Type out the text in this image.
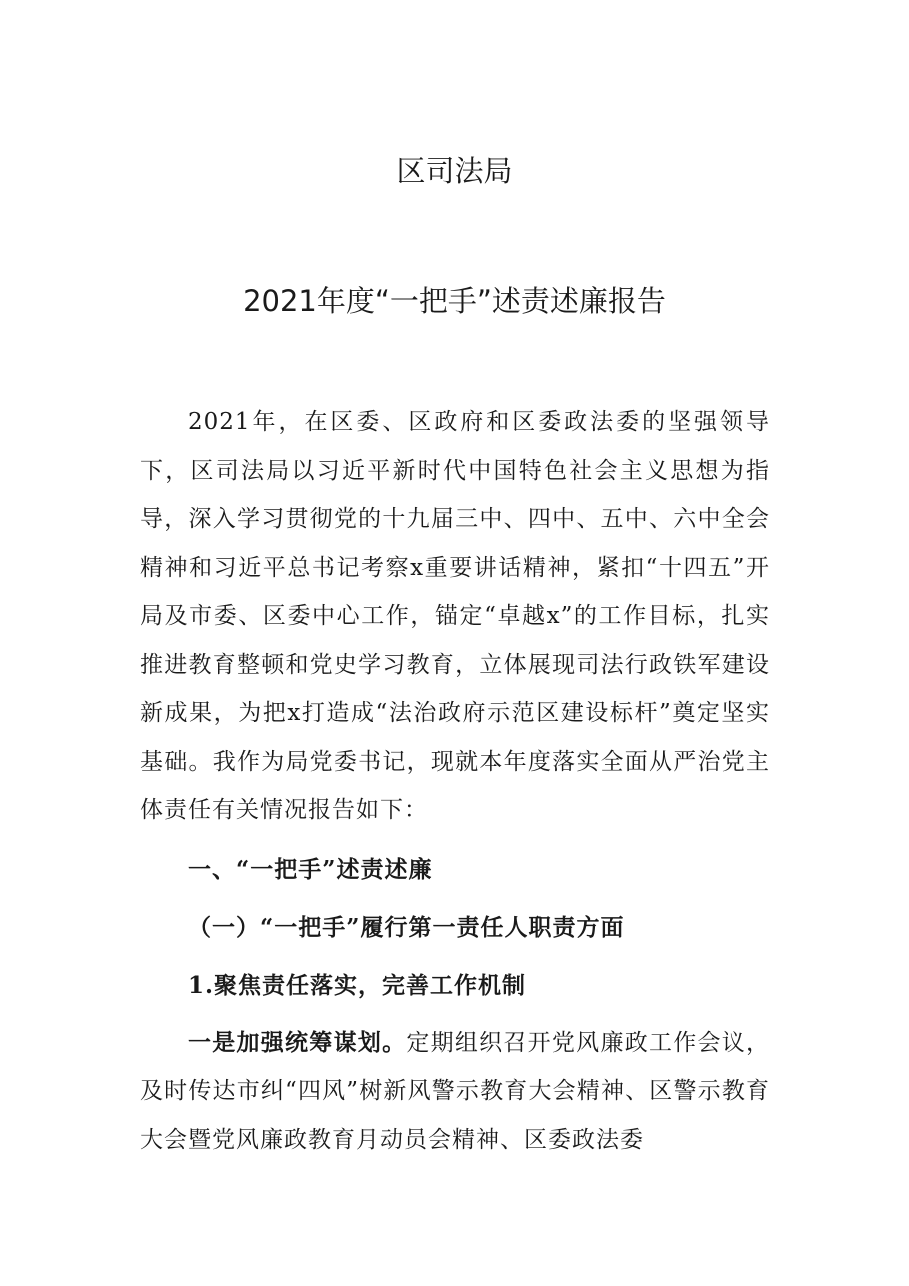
区司法局
2021年度“一把手”述责述廉报告

2021年，在区委、区政府和区委政法委的坚强领导下，区司法局以习近平新时代中国特色社会主义思想为指导，深入学习贯彻党的十九届三中、四中、五中、六中全会精神和习近平总书记考察x重要讲话精神，紧扣“十四五”开局及市委、区委中心工作，锚定“卓越x”的工作目标，扎实推进教育整顿和党史学习教育，立体展现司法行政铁军建设新成果，为把x打造成“法治政府示范区建设标杆”奠定坚实基础。我作为局党委书记，现就本年度落实全面从严治党主体责任有关情况报告如下：

一、“一把手”述责述廉

（一）“一把手”履行第一责任人职责方面

1.聚焦责任落实，完善工作机制

一是加强统筹谋划。定期组织召开党风廉政工作会议，及时传达市纠“四风”树新风警示教育大会精神、区警示教育大会暨党风廉政教育月动员会精神、区委政法委
